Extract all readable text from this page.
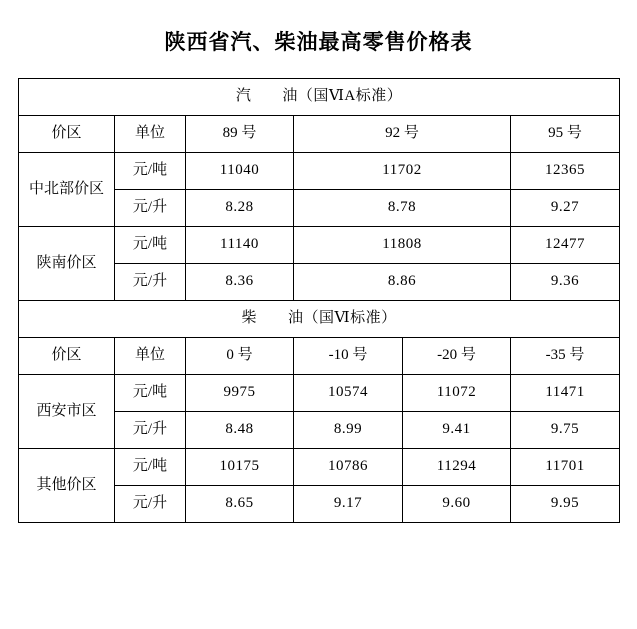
陕西省汽、柴油最高零售价格表
汽　　油（国ⅥA标准）					
价区	单位	89 号	92 号		95 号
中北部价区	元/吨	11040	11702		12365
	元/升	8.28	8.78		9.27
陕南价区	元/吨	11140	11808		12477
	元/升	8.36	8.86		9.36
柴　　油（国Ⅵ标准）					
价区	单位	0 号	-10 号	-20 号	-35 号
西安市区	元/吨	9975	10574	11072	11471
	元/升	8.48	8.99	9.41	9.75
其他价区	元/吨	10175	10786	11294	11701
	元/升	8.65	9.17	9.60	9.95
